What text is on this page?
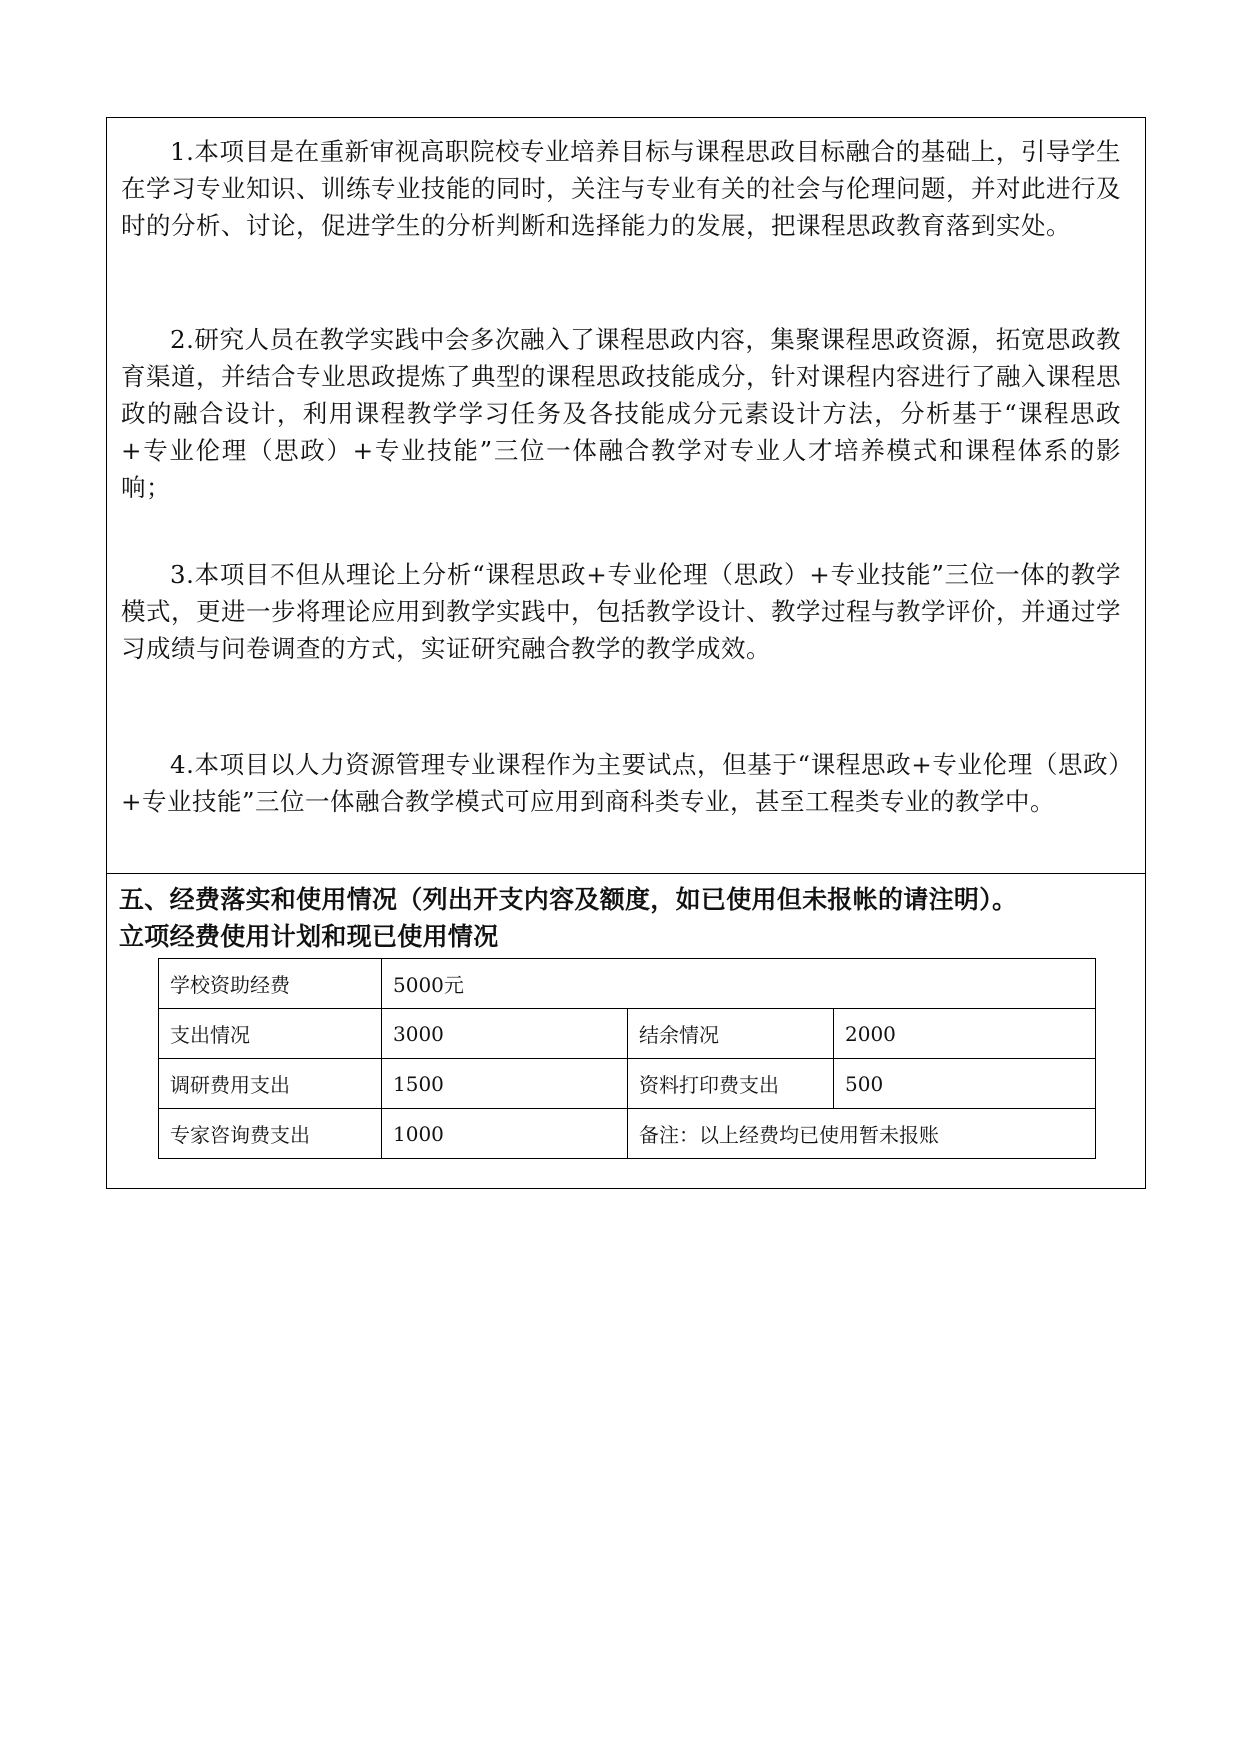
1.本项目是在重新审视高职院校专业培养目标与课程思政目标融合的基础上，引导学生在学习专业知识、训练专业技能的同时，关注与专业有关的社会与伦理问题，并对此进行及时的分析、讨论，促进学生的分析判断和选择能力的发展，把课程思政教育落到实处。

2.研究人员在教学实践中会多次融入了课程思政内容，集聚课程思政资源，拓宽思政教育渠道，并结合专业思政提炼了典型的课程思政技能成分，针对课程内容进行了融入课程思政的融合设计，利用课程教学学习任务及各技能成分元素设计方法，分析基于“课程思政+专业伦理（思政）+专业技能”三位一体融合教学对专业人才培养模式和课程体系的影响；

3.本项目不但从理论上分析“课程思政+专业伦理（思政）+专业技能”三位一体的教学模式，更进一步将理论应用到教学实践中，包括教学设计、教学过程与教学评价，并通过学习成绩与问卷调查的方式，实证研究融合教学的教学成效。

4.本项目以人力资源管理专业课程作为主要试点，但基于“课程思政+专业伦理（思政）+专业技能”三位一体融合教学模式可应用到商科类专业，甚至工程类专业的教学中。

五、经费落实和使用情况（列出开支内容及额度，如已使用但未报帐的请注明）。
立项经费使用计划和现已使用情况
学校资助经费	5000元		
支出情况	3000	结余情况	2000
调研费用支出	1500	资料打印费支出	500
专家咨询费支出	1000	备注：以上经费均已使用暂未报账	
